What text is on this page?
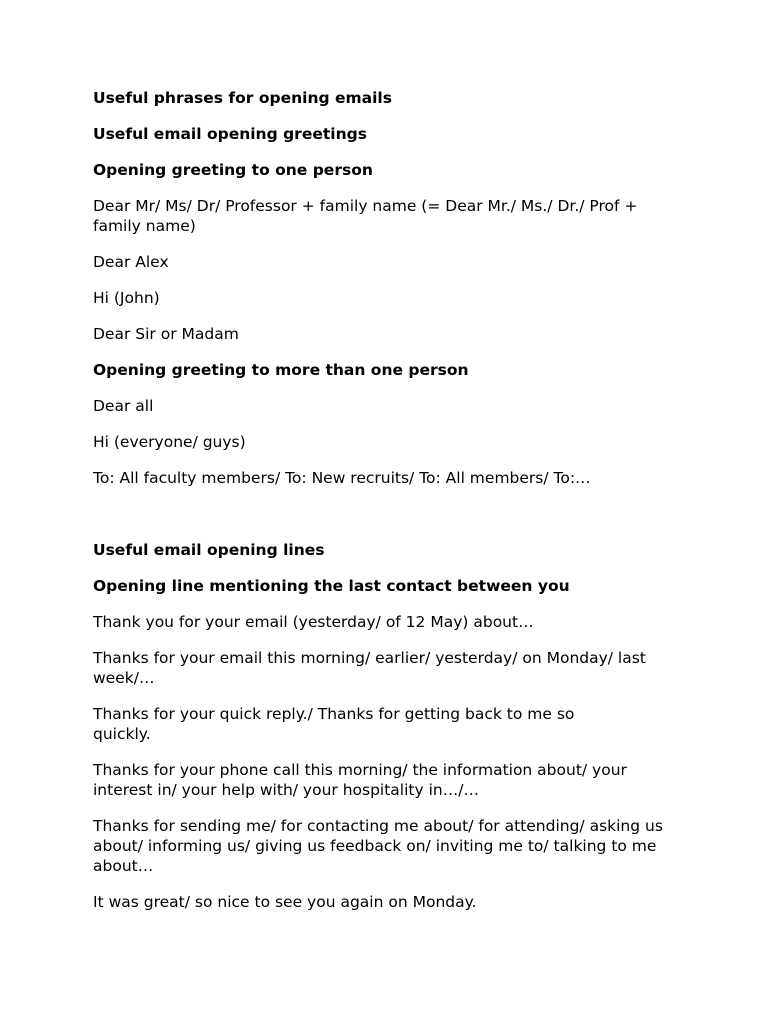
Useful phrases for opening emails

Useful email opening greetings

Opening greeting to one person

Dear Mr/ Ms/ Dr/ Professor + family name (= Dear Mr./ Ms./ Dr./ Prof + family name)

Dear Alex

Hi (John)

Dear Sir or Madam

Opening greeting to more than one person

Dear all

Hi (everyone/ guys)

To: All faculty members/ To: New recruits/ To: All members/ To:…

Useful email opening lines

Opening line mentioning the last contact between you

Thank you for your email (yesterday/ of 12 May) about…

Thanks for your email this morning/ earlier/ yesterday/ on Monday/ last week/…

Thanks for your quick reply./ Thanks for getting back to me so quickly.

Thanks for your phone call this morning/ the information about/ your interest in/ your help with/ your hospitality in…/…

Thanks for sending me/ for contacting me about/ for attending/ asking us about/ informing us/ giving us feedback on/ inviting me to/ talking to me about…

It was great/ so nice to see you again on Monday.
